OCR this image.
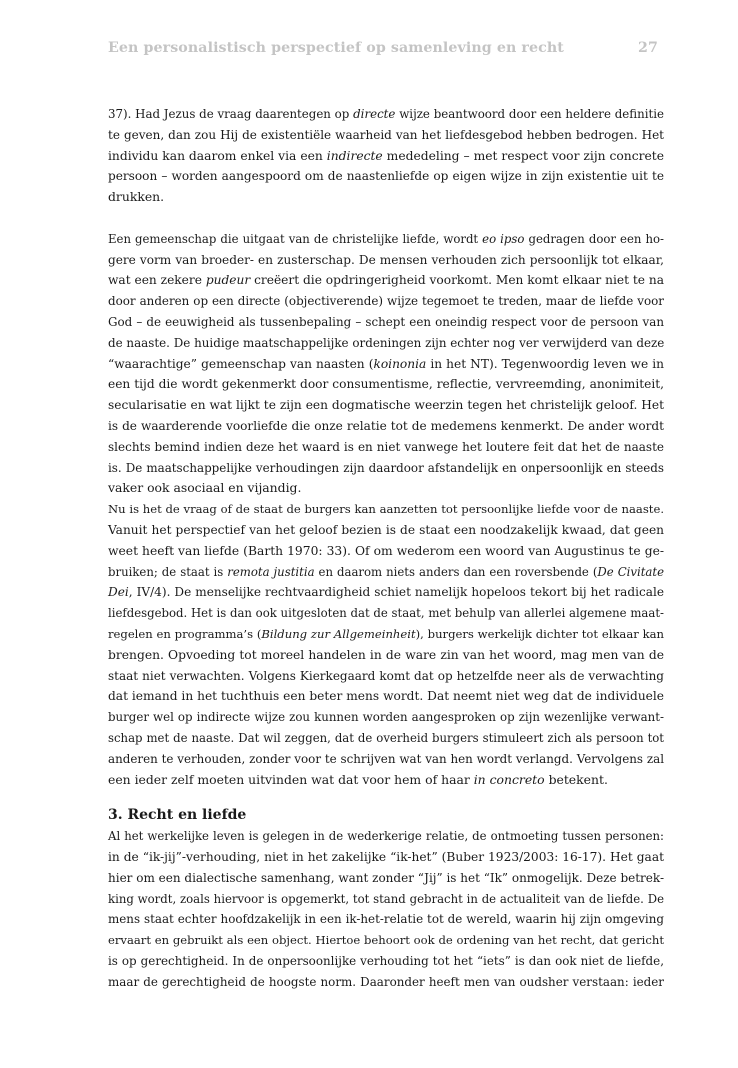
Een personalistisch perspectief op samenleving en recht	27

37). Had Jezus de vraag daarentegen op directe wijze beantwoord door een heldere definitie
te geven, dan zou Hij de existentiële waarheid van het liefdesgebod hebben bedrogen. Het
individu kan daarom enkel via een indirecte mededeling – met respect voor zijn concrete
persoon – worden aangespoord om de naastenliefde op eigen wijze in zijn existentie uit te
drukken.

Een gemeenschap die uitgaat van de christelijke liefde, wordt eo ipso gedragen door een ho-
gere vorm van broeder- en zusterschap. De mensen verhouden zich persoonlijk tot elkaar,
wat een zekere pudeur creëert die opdringerigheid voorkomt. Men komt elkaar niet te na
door anderen op een directe (objectiverende) wijze tegemoet te treden, maar de liefde voor
God – de eeuwigheid als tussenbepaling – schept een oneindig respect voor de persoon van
de naaste. De huidige maatschappelijke ordeningen zijn echter nog ver verwijderd van deze
“waarachtige” gemeenschap van naasten (koinonia in het NT). Tegenwoordig leven we in
een tijd die wordt gekenmerkt door consumentisme, reflectie, vervreemding, anonimiteit,
secularisatie en wat lijkt te zijn een dogmatische weerzin tegen het christelijk geloof. Het
is de waarderende voorliefde die onze relatie tot de medemens kenmerkt. De ander wordt
slechts bemind indien deze het waard is en niet vanwege het loutere feit dat het de naaste
is. De maatschappelijke verhoudingen zijn daardoor afstandelijk en onpersoonlijk en steeds
vaker ook asociaal en vijandig.

Nu is het de vraag of de staat de burgers kan aanzetten tot persoonlijke liefde voor de naaste.
Vanuit het perspectief van het geloof bezien is de staat een noodzakelijk kwaad, dat geen
weet heeft van liefde (Barth 1970: 33). Of om wederom een woord van Augustinus te ge-
bruiken; de staat is remota justitia en daarom niets anders dan een roversbende (De Civitate
Dei, IV/4). De menselijke rechtvaardigheid schiet namelijk hopeloos tekort bij het radicale
liefdesgebod. Het is dan ook uitgesloten dat de staat, met behulp van allerlei algemene maat-
regelen en programma’s (Bildung zur Allgemeinheit), burgers werkelijk dichter tot elkaar kan
brengen. Opvoeding tot moreel handelen in de ware zin van het woord, mag men van de
staat niet verwachten. Volgens Kierkegaard komt dat op hetzelfde neer als de verwachting
dat iemand in het tuchthuis een beter mens wordt. Dat neemt niet weg dat de individuele
burger wel op indirecte wijze zou kunnen worden aangesproken op zijn wezenlijke verwant-
schap met de naaste. Dat wil zeggen, dat de overheid burgers stimuleert zich als persoon tot
anderen te verhouden, zonder voor te schrijven wat van hen wordt verlangd. Vervolgens zal
een ieder zelf moeten uitvinden wat dat voor hem of haar in concreto betekent.

3. Recht en liefde

Al het werkelijke leven is gelegen in de wederkerige relatie, de ontmoeting tussen personen:
in de “ik-jij”-verhouding, niet in het zakelijke “ik-het” (Buber 1923/2003: 16-17). Het gaat
hier om een dialectische samenhang, want zonder “Jij” is het “Ik” onmogelijk. Deze betrek-
king wordt, zoals hiervoor is opgemerkt, tot stand gebracht in de actualiteit van de liefde. De
mens staat echter hoofdzakelijk in een ik-het-relatie tot de wereld, waarin hij zijn omgeving
ervaart en gebruikt als een object. Hiertoe behoort ook de ordening van het recht, dat gericht
is op gerechtigheid. In de onpersoonlijke verhouding tot het “iets” is dan ook niet de liefde,
maar de gerechtigheid de hoogste norm. Daaronder heeft men van oudsher verstaan: ieder
